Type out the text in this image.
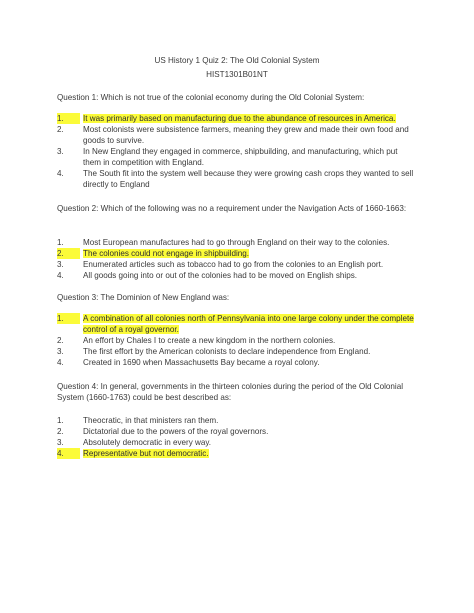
US History 1 Quiz 2: The Old Colonial System
HIST1301B01NT
Question 1: Which is not true of the colonial economy during the Old Colonial System:
1.	It was primarily based on manufacturing due to the abundance of resources in America.
2.	Most colonists were subsistence farmers, meaning they grew and made their own food and goods to survive.
3.	In New England they engaged in commerce, shipbuilding, and manufacturing, which put them in competition with England.
4.	The South fit into the system well because they were growing cash crops they wanted to sell directly to England
Question 2: Which of the following was no a requirement under the Navigation Acts of 1660-1663:
1.	Most European manufactures had to go through England on their way to the colonies.
2.	The colonies could not engage in shipbuilding.
3.	Enumerated articles such as tobacco had to go from the colonies to an English port.
4.	All goods going into or out of the colonies had to be moved on English ships.
Question 3: The Dominion of New England was:
1.	A combination of all colonies north of Pennsylvania into one large colony under the complete control of a royal governor.
2.	An effort by Chales I to create a new kingdom in the northern colonies.
3.	The first effort by the American colonists to declare independence from England.
4.	Created in 1690 when Massachusetts Bay became a royal colony.
Question 4: In general, governments in the thirteen colonies during the period of the Old Colonial System (1660-1763) could be best described as:
1.	Theocratic, in that ministers ran them.
2.	Dictatorial due to the powers of the royal governors.
3.	Absolutely democratic in every way.
4.	Representative but not democratic.
